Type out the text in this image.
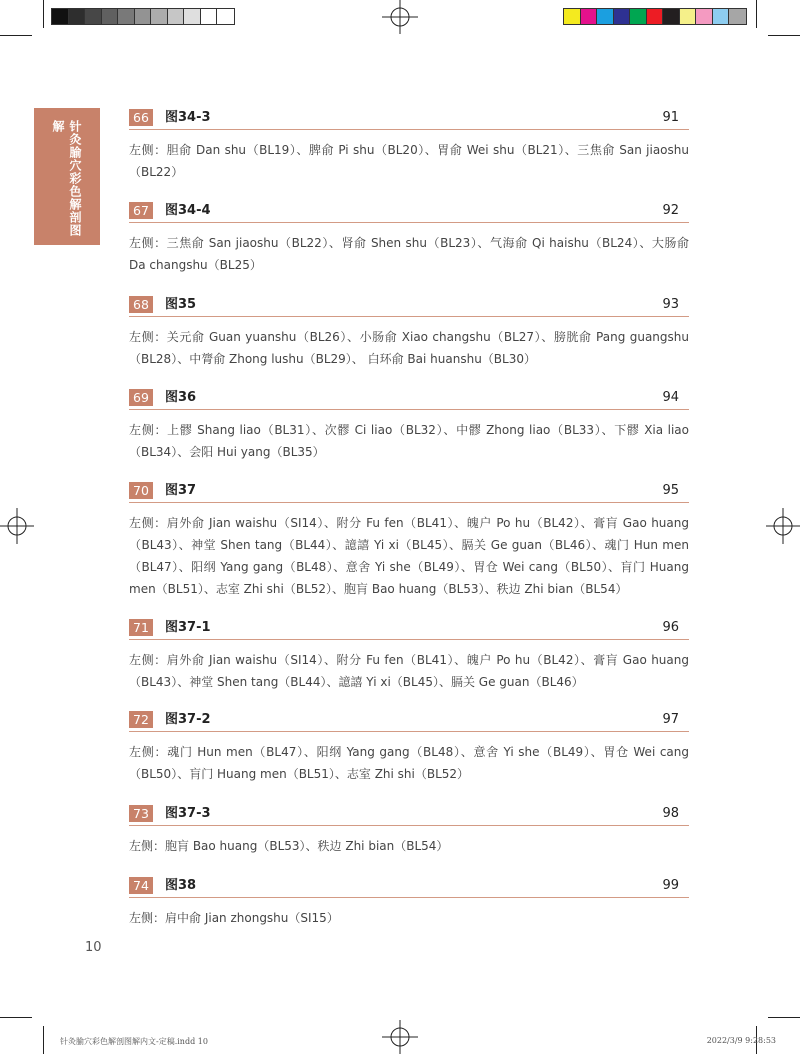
针灸腧穴彩色解剖图解
66	图34-3	91

左侧：胆俞 Dan shu（BL19）、脾俞 Pi shu（BL20）、胃俞 Wei shu（BL21）、三焦俞 San jiaoshu（BL22）

67	图34-4	92

左侧：三焦俞 San jiaoshu（BL22）、肾俞 Shen shu（BL23）、气海俞 Qi haishu（BL24）、大肠俞 Da changshu（BL25）

68	图35	93

左侧：关元俞 Guan yuanshu（BL26）、小肠俞 Xiao changshu（BL27）、膀胱俞 Pang guangshu（BL28）、中膂俞 Zhong lushu（BL29）、 白环俞 Bai huanshu（BL30）

69	图36	94

左侧：上髎 Shang liao（BL31）、次髎 Ci liao（BL32）、中髎 Zhong liao（BL33）、下髎 Xia liao（BL34）、会阳 Hui yang（BL35）

70	图37	95

左侧：肩外俞 Jian waishu（SI14）、附分 Fu fen（BL41）、魄户 Po hu（BL42）、膏肓 Gao huang（BL43）、神堂 Shen tang（BL44）、譩譆 Yi xi（BL45）、膈关 Ge guan（BL46）、魂门 Hun men（BL47）、阳纲 Yang gang（BL48）、意舍 Yi she（BL49）、胃仓 Wei cang（BL50）、肓门 Huang men（BL51）、志室 Zhi shi（BL52）、胞肓 Bao huang（BL53）、秩边 Zhi bian（BL54）

71	图37-1	96

左侧：肩外俞 Jian waishu（SI14）、附分 Fu fen（BL41）、魄户 Po hu（BL42）、膏肓 Gao huang（BL43）、神堂 Shen tang（BL44）、譩譆 Yi xi（BL45）、膈关 Ge guan（BL46）

72	图37-2	97

左侧：魂门 Hun men（BL47）、阳纲 Yang gang（BL48）、意舍 Yi she（BL49）、胃仓 Wei cang（BL50）、肓门 Huang men（BL51）、志室 Zhi shi（BL52）

73	图37-3	98

左侧：胞肓 Bao huang（BL53）、秩边 Zhi bian（BL54）

74	图38	99

左侧：肩中俞 Jian zhongshu（SI15）

10
针灸腧穴彩色解剖图解内文-定稿.indd 10	2022/3/9 9:28:53
